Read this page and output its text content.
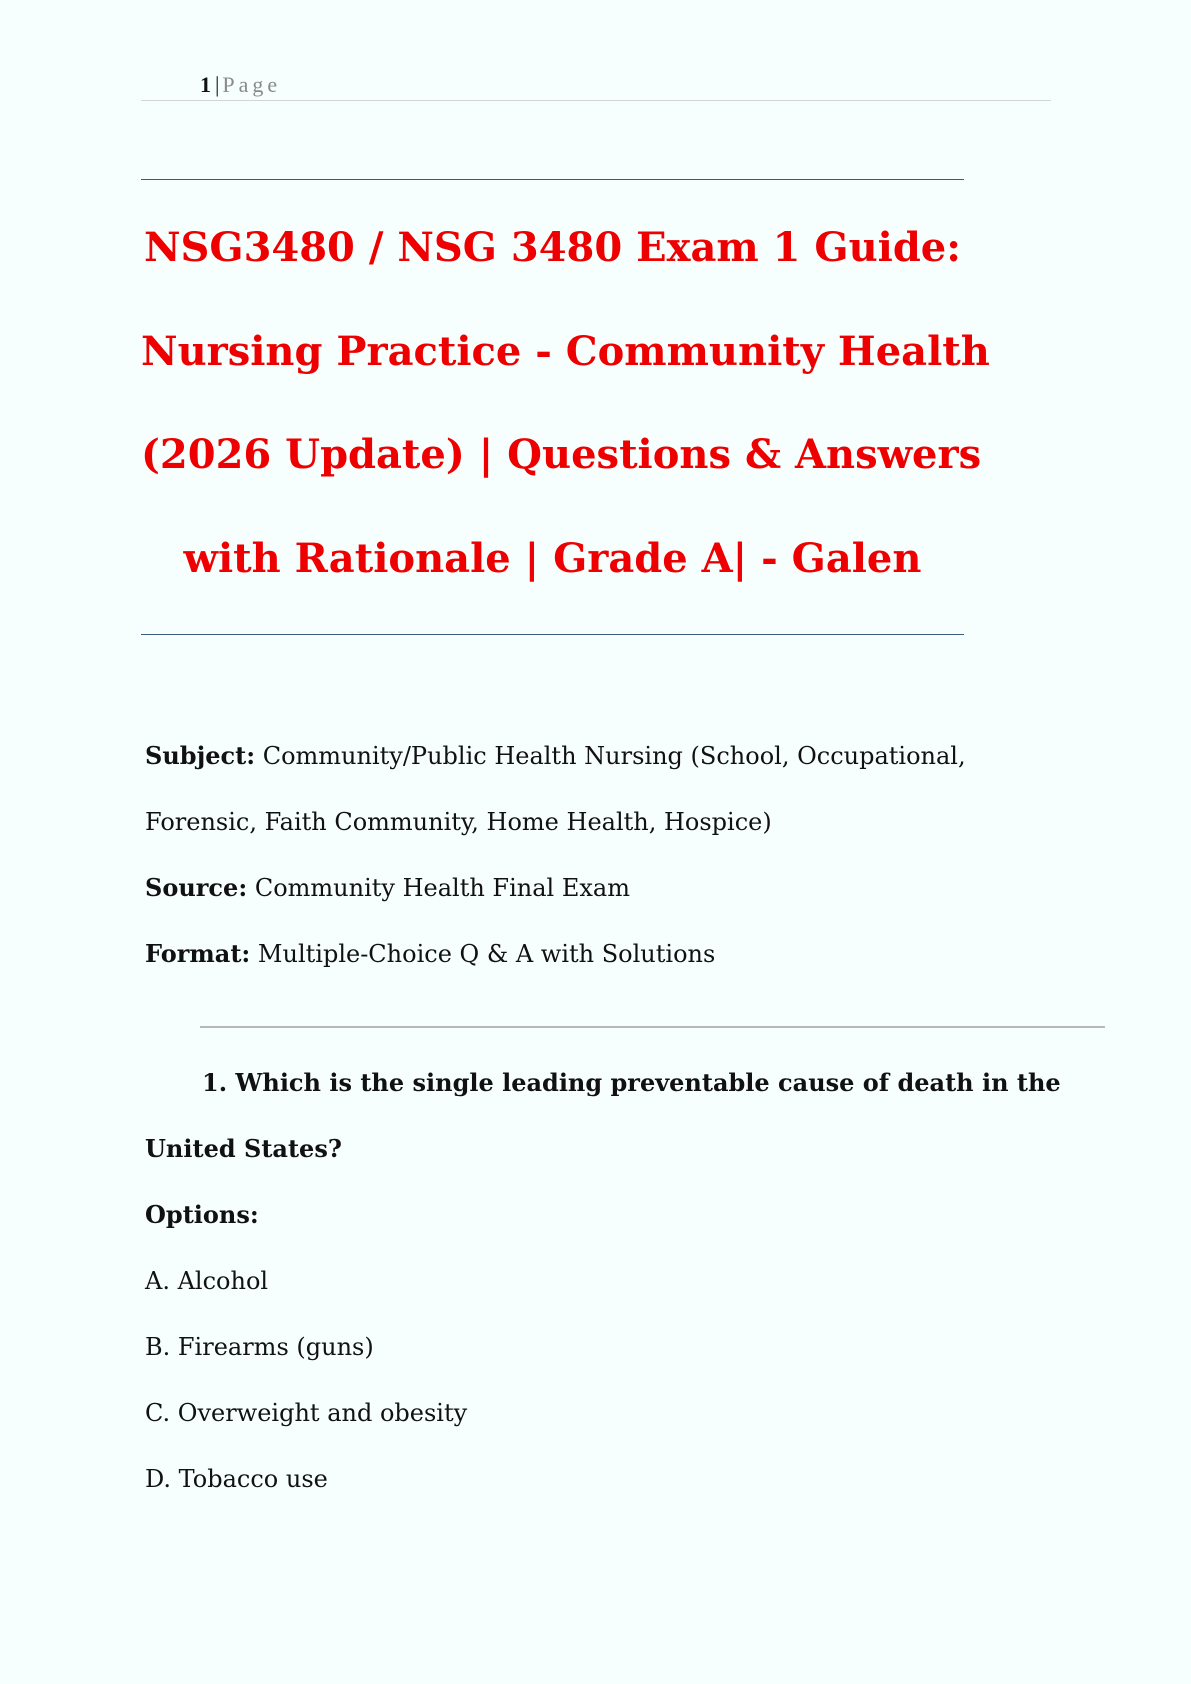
1 | Page
NSG3480 / NSG 3480 Exam 1 Guide:
Nursing Practice - Community Health
(2026 Update) | Questions & Answers
with Rationale | Grade A| - Galen
Subject: Community/Public Health Nursing (School, Occupational,
Forensic, Faith Community, Home Health, Hospice)
Source: Community Health Final Exam
Format: Multiple-Choice Q & A with Solutions
1. Which is the single leading preventable cause of death in the
United States?
Options:
A. Alcohol
B. Firearms (guns)
C. Overweight and obesity
D. Tobacco use
